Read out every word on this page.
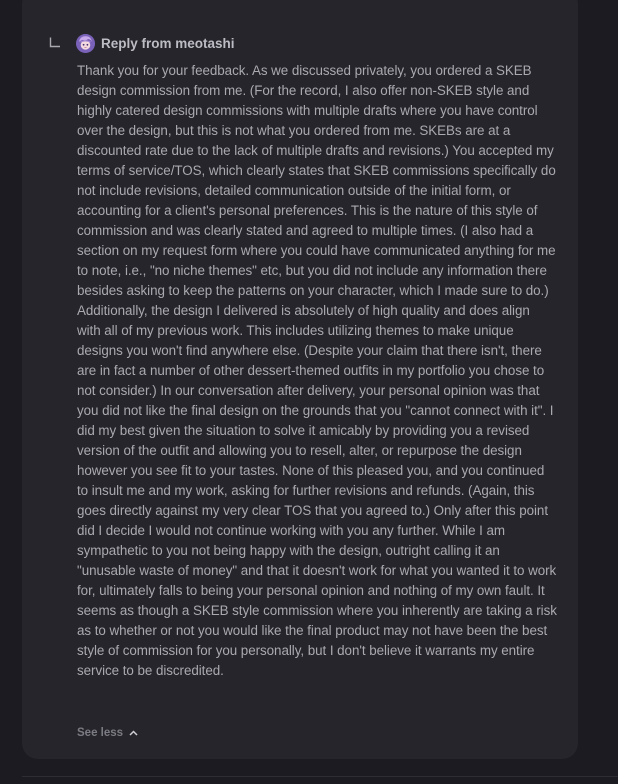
Reply from meotashi
Thank you for your feedback. As we discussed privately, you ordered a SKEB design commission from me. (For the record, I also offer non-SKEB style and highly catered design commissions with multiple drafts where you have control over the design, but this is not what you ordered from me. SKEBs are at a discounted rate due to the lack of multiple drafts and revisions.) You accepted my terms of service/TOS, which clearly states that SKEB commissions specifically do not include revisions, detailed communication outside of the initial form, or accounting for a client's personal preferences. This is the nature of this style of commission and was clearly stated and agreed to multiple times. (I also had a section on my request form where you could have communicated anything for me to note, i.e., "no niche themes" etc, but you did not include any information there besides asking to keep the patterns on your character, which I made sure to do.) Additionally, the design I delivered is absolutely of high quality and does align with all of my previous work. This includes utilizing themes to make unique designs you won't find anywhere else. (Despite your claim that there isn't, there are in fact a number of other dessert-themed outfits in my portfolio you chose to not consider.) In our conversation after delivery, your personal opinion was that you did not like the final design on the grounds that you "cannot connect with it". I did my best given the situation to solve it amicably by providing you a revised version of the outfit and allowing you to resell, alter, or repurpose the design however you see fit to your tastes. None of this pleased you, and you continued to insult me and my work, asking for further revisions and refunds. (Again, this goes directly against my very clear TOS that you agreed to.) Only after this point did I decide I would not continue working with you any further. While I am sympathetic to you not being happy with the design, outright calling it an "unusable waste of money" and that it doesn't work for what you wanted it to work for, ultimately falls to being your personal opinion and nothing of my own fault. It seems as though a SKEB style commission where you inherently are taking a risk as to whether or not you would like the final product may not have been the best style of commission for you personally, but I don't believe it warrants my entire service to be discredited.
See less
